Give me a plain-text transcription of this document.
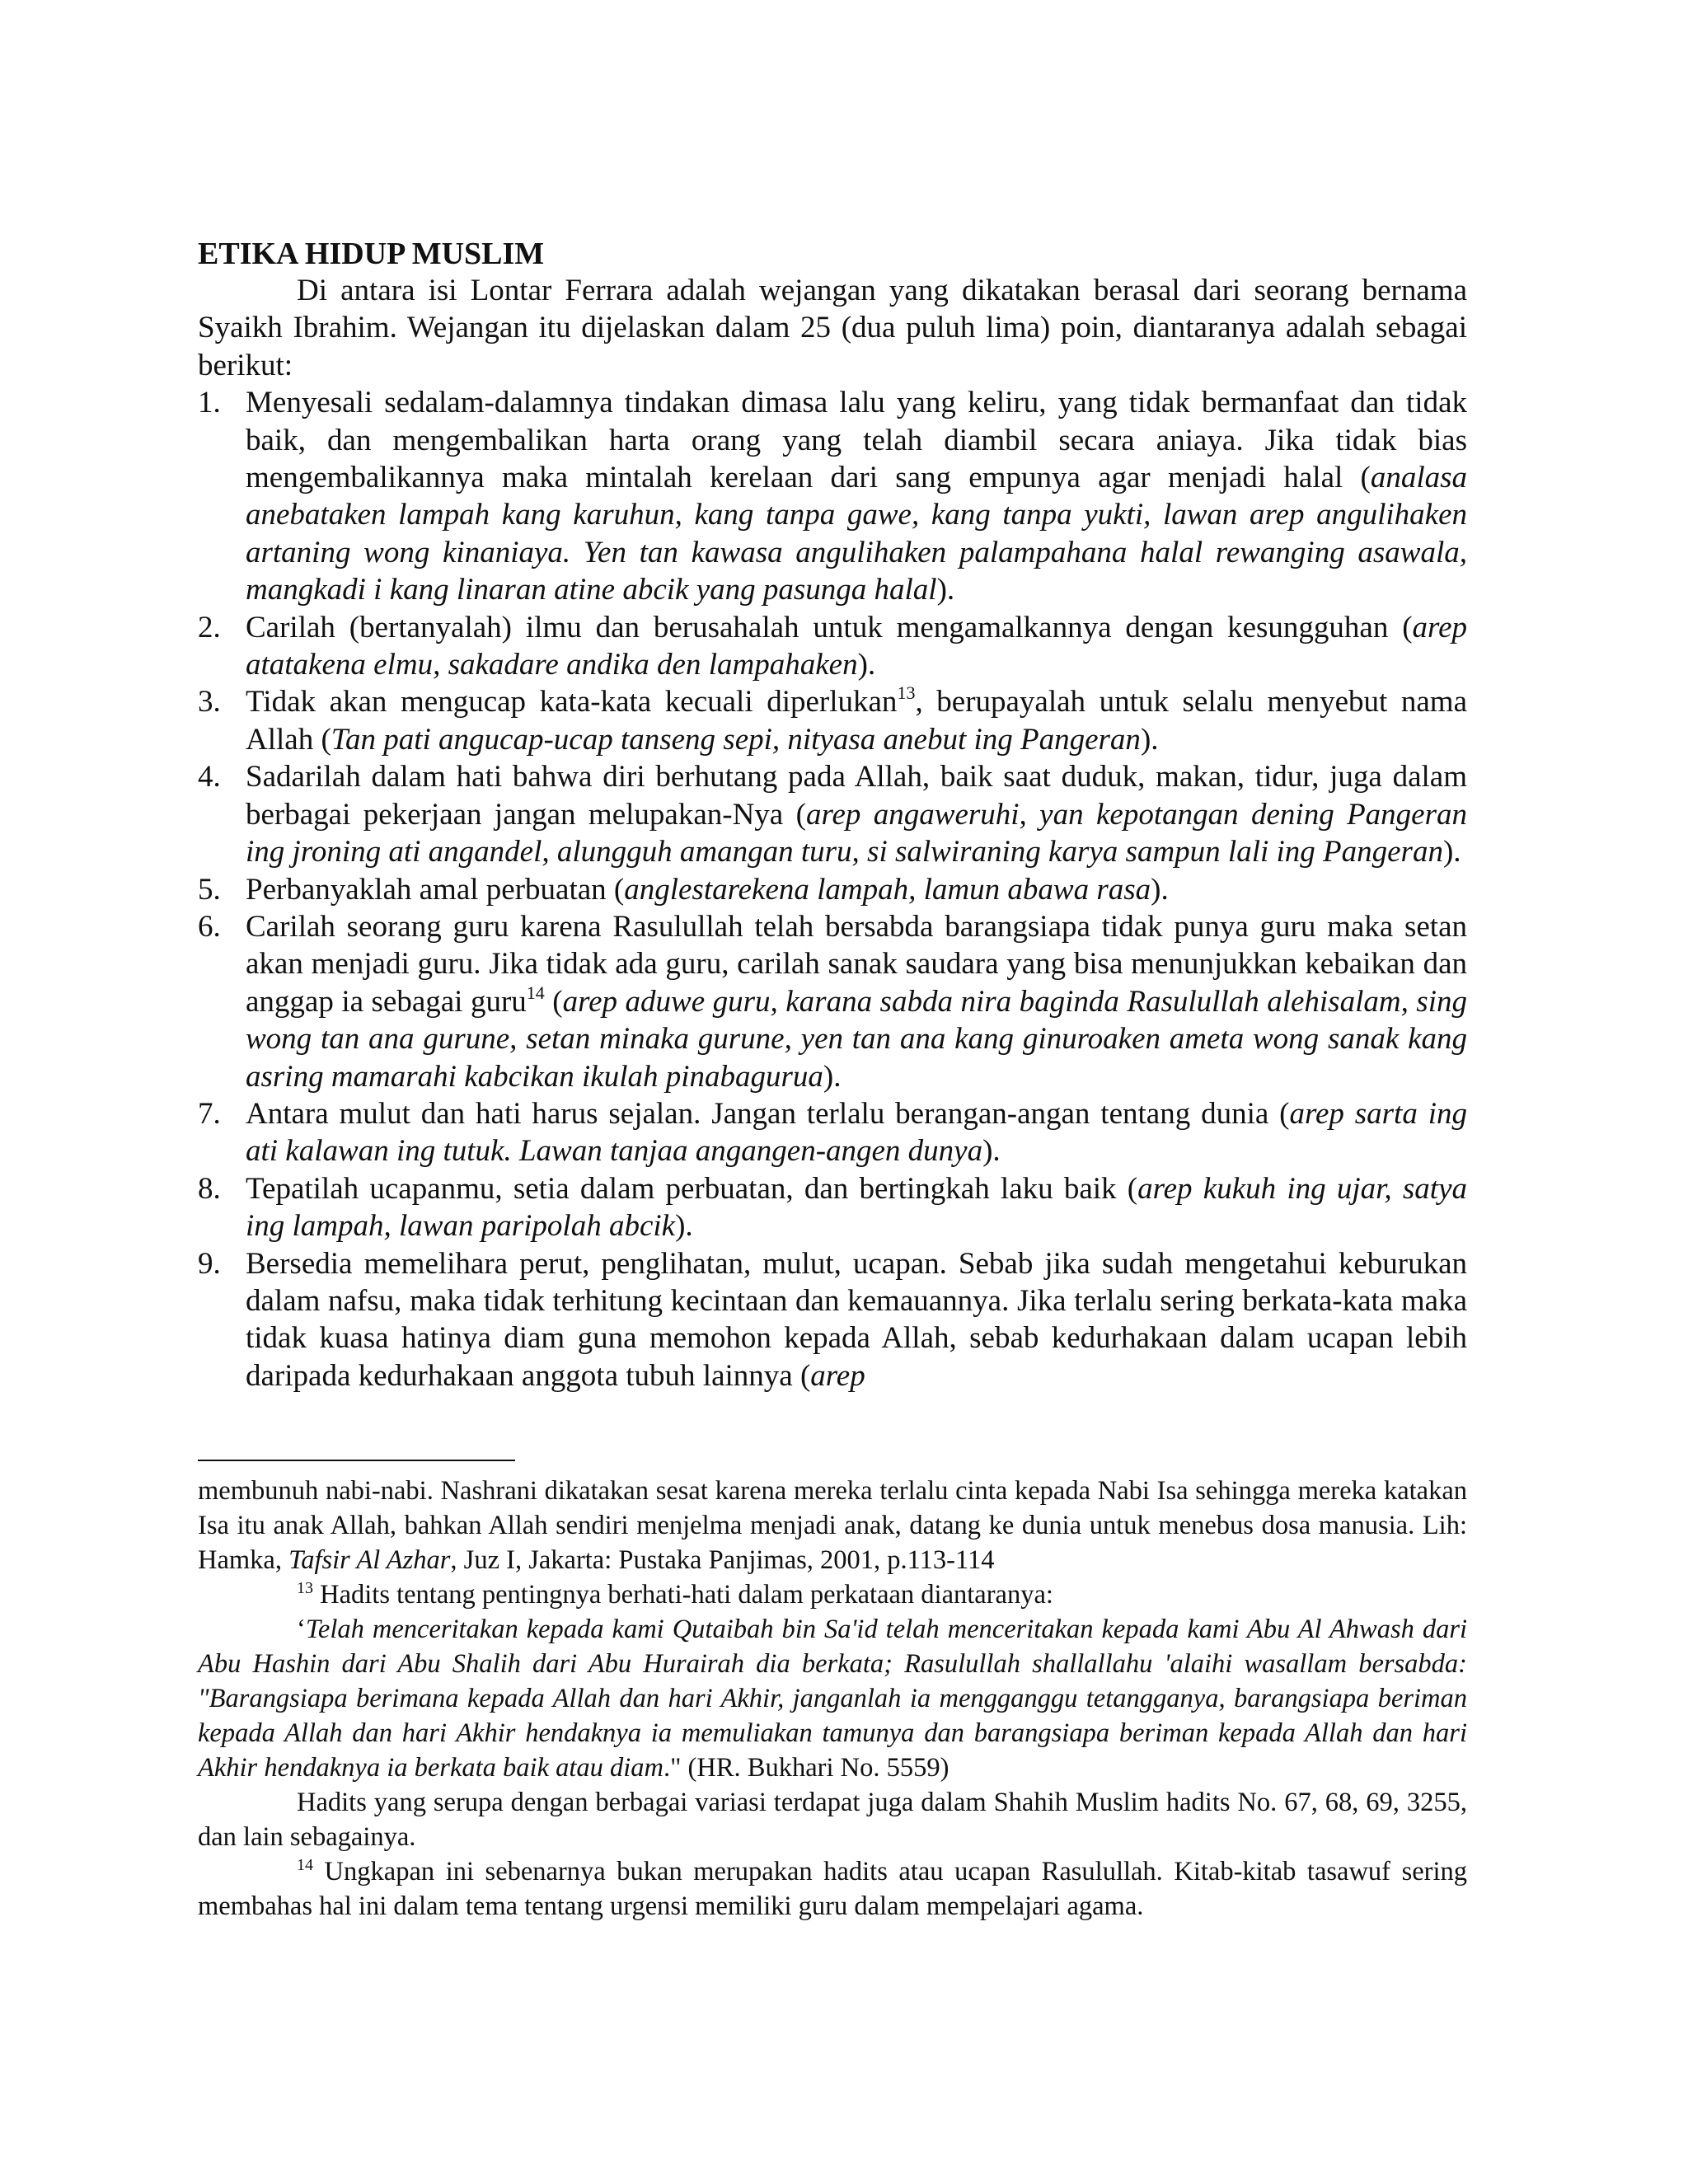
ETIKA HIDUP MUSLIM

Di antara isi Lontar Ferrara adalah wejangan yang dikatakan berasal dari seorang bernama Syaikh Ibrahim. Wejangan itu dijelaskan dalam 25 (dua puluh lima) poin, diantaranya adalah sebagai berikut:

1. Menyesali sedalam-dalamnya tindakan dimasa lalu yang keliru, yang tidak bermanfaat dan tidak baik, dan mengembalikan harta orang yang telah diambil secara aniaya. Jika tidak bias mengembalikannya maka mintalah kerelaan dari sang empunya agar menjadi halal (analasa anebataken lampah kang karuhun, kang tanpa gawe, kang tanpa yukti, lawan arep angulihaken artaning wong kinaniaya. Yen tan kawasa angulihaken palampahana halal rewanging asawala, mangkadi i kang linaran atine abcik yang pasunga halal).
2. Carilah (bertanyalah) ilmu dan berusahalah untuk mengamalkannya dengan kesungguhan (arep atatakena elmu, sakadare andika den lampahaken).
3. Tidak akan mengucap kata-kata kecuali diperlukan$^{13}$, berupayalah untuk selalu menyebut nama Allah (Tan pati angucap-ucap tanseng sepi, nityasa anebut ing Pangeran).
4. Sadarilah dalam hati bahwa diri berhutang pada Allah, baik saat duduk, makan, tidur, juga dalam berbagai pekerjaan jangan melupakan-Nya (arep angaweruhi, yan kepotangan dening Pangeran ing jroning ati angandel, alungguh amangan turu, si salwiraning karya sampun lali ing Pangeran).
5. Perbanyaklah amal perbuatan (anglestarekena lampah, lamun abawa rasa).
6. Carilah seorang guru karena Rasulullah telah bersabda barangsiapa tidak punya guru maka setan akan menjadi guru. Jika tidak ada guru, carilah sanak saudara yang bisa menunjukkan kebaikan dan anggap ia sebagai guru$^{14}$ (arep aduwe guru, karana sabda nira baginda Rasulullah alehisalam, sing wong tan ana gurune, setan minaka gurune, yen tan ana kang ginuroaken ameta wong sanak kang asring mamarahi kabcikan ikulah pinabagurua).
7. Antara mulut dan hati harus sejalan. Jangan terlalu berangan-angan tentang dunia (arep sarta ing ati kalawan ing tutuk. Lawan tanjaa angangen-angen dunya).
8. Tepatilah ucapanmu, setia dalam perbuatan, dan bertingkah laku baik (arep kukuh ing ujar, satya ing lampah, lawan paripolah abcik).
9. Bersedia memelihara perut, penglihatan, mulut, ucapan. Sebab jika sudah mengetahui keburukan dalam nafsu, maka tidak terhitung kecintaan dan kemauannya. Jika terlalu sering berkata-kata maka tidak kuasa hatinya diam guna memohon kepada Allah, sebab kedurhakaan dalam ucapan lebih daripada kedurhakaan anggota tubuh lainnya (arep

membunuh nabi-nabi. Nashrani dikatakan sesat karena mereka terlalu cinta kepada Nabi Isa sehingga mereka katakan Isa itu anak Allah, bahkan Allah sendiri menjelma menjadi anak, datang ke dunia untuk menebus dosa manusia. Lih: Hamka, Tafsir Al Azhar, Juz I, Jakarta: Pustaka Panjimas, 2001, p.113-114

$^{13}$ Hadits tentang pentingnya berhati-hati dalam perkataan diantaranya:

‘Telah menceritakan kepada kami Qutaibah bin Sa'id telah menceritakan kepada kami Abu Al Ahwash dari Abu Hashin dari Abu Shalih dari Abu Hurairah dia berkata; Rasulullah shallallahu 'alaihi wasallam bersabda: "Barangsiapa berimana kepada Allah dan hari Akhir, janganlah ia mengganggu tetangganya, barangsiapa beriman kepada Allah dan hari Akhir hendaknya ia memuliakan tamunya dan barangsiapa beriman kepada Allah dan hari Akhir hendaknya ia berkata baik atau diam." (HR. Bukhari No. 5559)

Hadits yang serupa dengan berbagai variasi terdapat juga dalam Shahih Muslim hadits No. 67, 68, 69, 3255, dan lain sebagainya.

$^{14}$ Ungkapan ini sebenarnya bukan merupakan hadits atau ucapan Rasulullah. Kitab-kitab tasawuf sering membahas hal ini dalam tema tentang urgensi memiliki guru dalam mempelajari agama.
